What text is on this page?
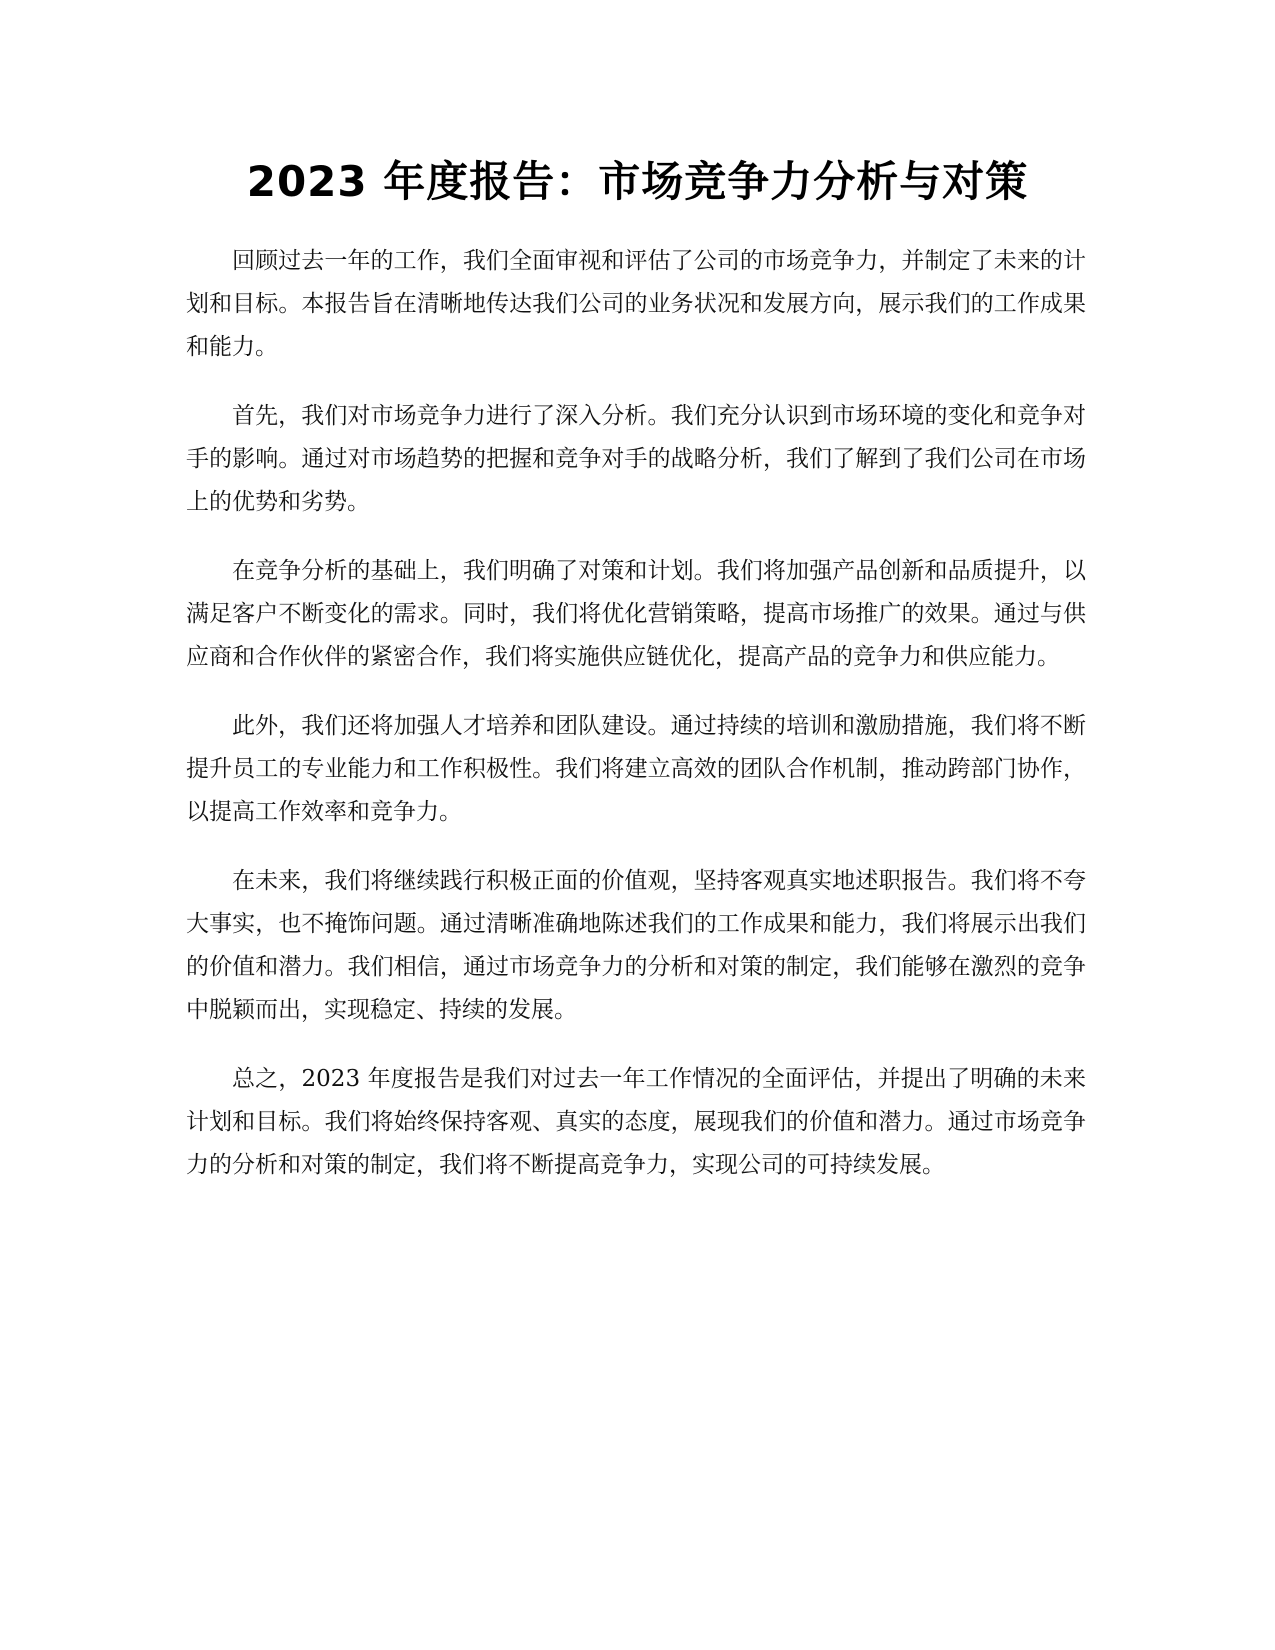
2023 年度报告：市场竞争力分析与对策

回顾过去一年的工作，我们全面审视和评估了公司的市场竞争力，并制定了未来的计划和目标。本报告旨在清晰地传达我们公司的业务状况和发展方向，展示我们的工作成果和能力。

首先，我们对市场竞争力进行了深入分析。我们充分认识到市场环境的变化和竞争对手的影响。通过对市场趋势的把握和竞争对手的战略分析，我们了解到了我们公司在市场上的优势和劣势。

在竞争分析的基础上，我们明确了对策和计划。我们将加强产品创新和品质提升，以满足客户不断变化的需求。同时，我们将优化营销策略，提高市场推广的效果。通过与供应商和合作伙伴的紧密合作，我们将实施供应链优化，提高产品的竞争力和供应能力。

此外，我们还将加强人才培养和团队建设。通过持续的培训和激励措施，我们将不断提升员工的专业能力和工作积极性。我们将建立高效的团队合作机制，推动跨部门协作，以提高工作效率和竞争力。

在未来，我们将继续践行积极正面的价值观，坚持客观真实地述职报告。我们将不夸大事实，也不掩饰问题。通过清晰准确地陈述我们的工作成果和能力，我们将展示出我们的价值和潜力。我们相信，通过市场竞争力的分析和对策的制定，我们能够在激烈的竞争中脱颖而出，实现稳定、持续的发展。

总之，2023 年度报告是我们对过去一年工作情况的全面评估，并提出了明确的未来计划和目标。我们将始终保持客观、真实的态度，展现我们的价值和潜力。通过市场竞争力的分析和对策的制定，我们将不断提高竞争力，实现公司的可持续发展。
